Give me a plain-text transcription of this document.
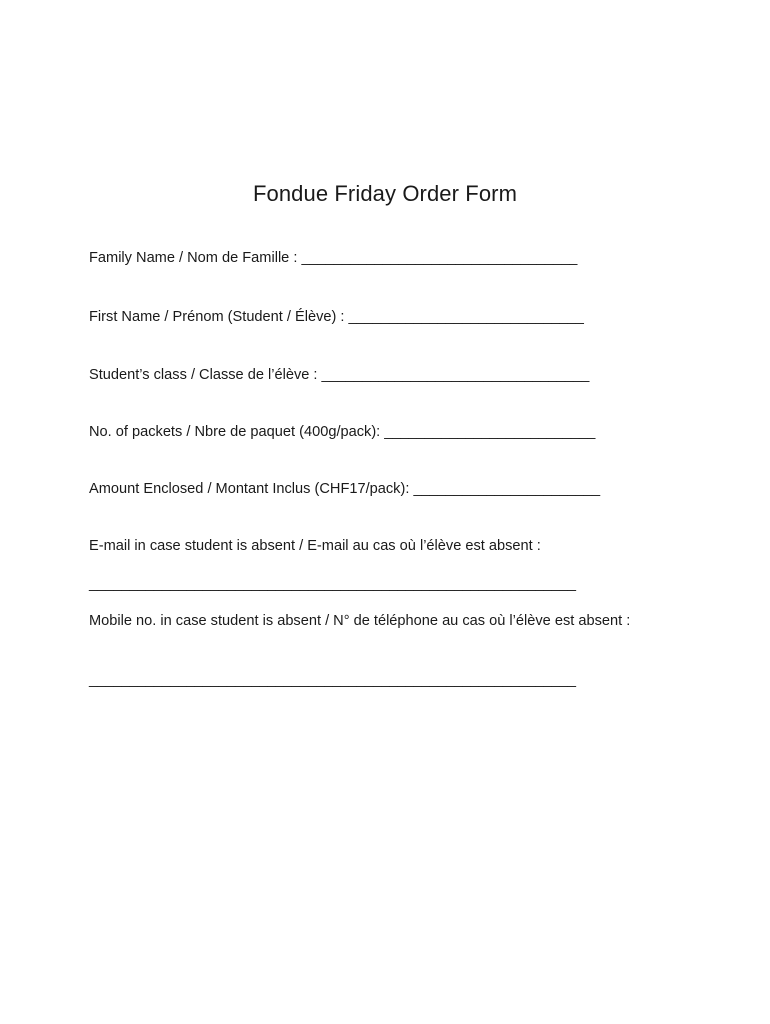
Fondue Friday Order Form
Family Name / Nom de Famille : __________________________________
First Name / Prénom (Student / Élève) : _____________________________
Student’s class / Classe de l’élève : _________________________________
No. of packets / Nbre de paquet (400g/pack): __________________________
Amount Enclosed / Montant Inclus (CHF17/pack): _______________________
E-mail in case student is absent / E-mail au cas où l’élève est absent :
____________________________________________________________
Mobile no. in case student is absent / N° de téléphone au cas où l’élève est absent :
____________________________________________________________
